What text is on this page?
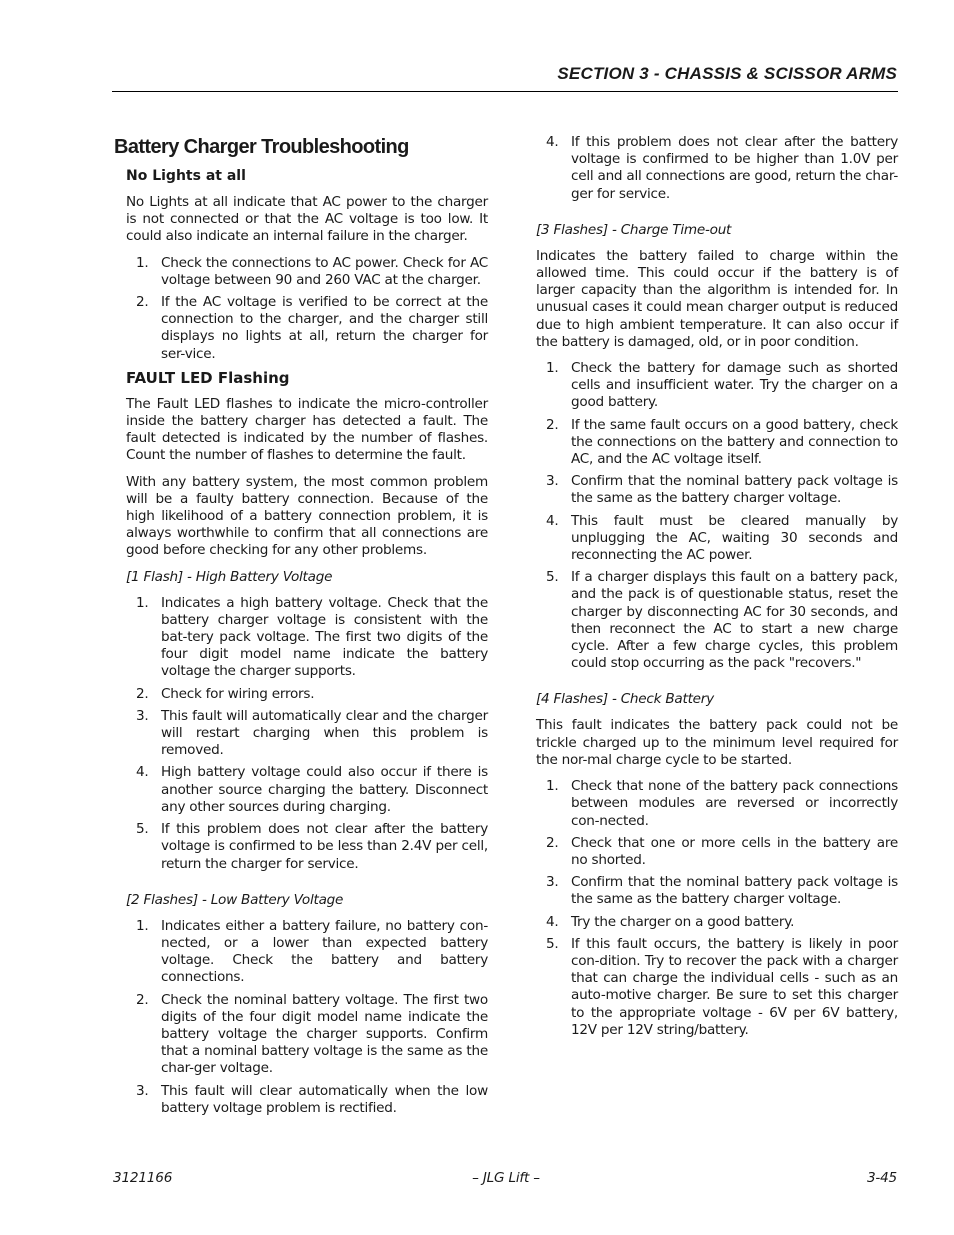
SECTION 3 - CHASSIS & SCISSOR ARMS
Battery Charger Troubleshooting
No Lights at all

No Lights at all indicate that AC power to the charger is not connected or that the AC voltage is too low. It could also indicate an internal failure in the charger.

1. Check the connections to AC power. Check for AC voltage between 90 and 260 VAC at the charger.
2. If the AC voltage is verified to be correct at the connection to the charger, and the charger still displays no lights at all, return the charger for ser-vice.
FAULT LED Flashing

The Fault LED flashes to indicate the micro-controller inside the battery charger has detected a fault. The fault detected is indicated by the number of flashes. Count the number of flashes to determine the fault.

With any battery system, the most common problem will be a faulty battery connection. Because of the high likelihood of a battery connection problem, it is always worthwhile to confirm that all connections are good before checking for any other problems.

[1 Flash] - High Battery Voltage
1. Indicates a high battery voltage. Check that the battery charger voltage is consistent with the bat-tery pack voltage. The first two digits of the four digit model name indicate the battery voltage the charger supports.
2. Check for wiring errors.
3. This fault will automatically clear and the charger will restart charging when this problem is removed.
4. High battery voltage could also occur if there is another source charging the battery. Disconnect any other sources during charging.
5. If this problem does not clear after the battery voltage is confirmed to be less than 2.4V per cell, return the charger for service.
[2 Flashes] - Low Battery Voltage
1. Indicates either a battery failure, no battery con-nected, or a lower than expected battery voltage. Check the battery and battery connections.
2. Check the nominal battery voltage. The first two digits of the four digit model name indicate the battery voltage the charger supports. Confirm that a nominal battery voltage is the same as the char-ger voltage.
3. This fault will clear automatically when the low battery voltage problem is rectified.
4. If this problem does not clear after the battery voltage is confirmed to be higher than 1.0V per cell and all connections are good, return the char-ger for service.
[3 Flashes] - Charge Time-out

Indicates the battery failed to charge within the allowed time. This could occur if the battery is of larger capacity than the algorithm is intended for. In unusual cases it could mean charger output is reduced due to high ambient temperature. It can also occur if the battery is damaged, old, or in poor condition.

1. Check the battery for damage such as shorted cells and insufficient water. Try the charger on a good battery.
2. If the same fault occurs on a good battery, check the connections on the battery and connection to AC, and the AC voltage itself.
3. Confirm that the nominal battery pack voltage is the same as the battery charger voltage.
4. This fault must be cleared manually by unplugging the AC, waiting 30 seconds and reconnecting the AC power.
5. If a charger displays this fault on a battery pack, and the pack is of questionable status, reset the charger by disconnecting AC for 30 seconds, and then reconnect the AC to start a new charge cycle. After a few charge cycles, this problem could stop occurring as the pack "recovers."
[4 Flashes] - Check Battery

This fault indicates the battery pack could not be trickle charged up to the minimum level required for the nor-mal charge cycle to be started.

1. Check that none of the battery pack connections between modules are reversed or incorrectly con-nected.
2. Check that one or more cells in the battery are no shorted.
3. Confirm that the nominal battery pack voltage is the same as the battery charger voltage.
4. Try the charger on a good battery.
5. If this fault occurs, the battery is likely in poor con-dition. Try to recover the pack with a charger that can charge the individual cells - such as an auto-motive charger. Be sure to set this charger to the appropriate voltage - 6V per 6V battery, 12V per 12V string/battery.
3121166	– JLG Lift –	3-45
